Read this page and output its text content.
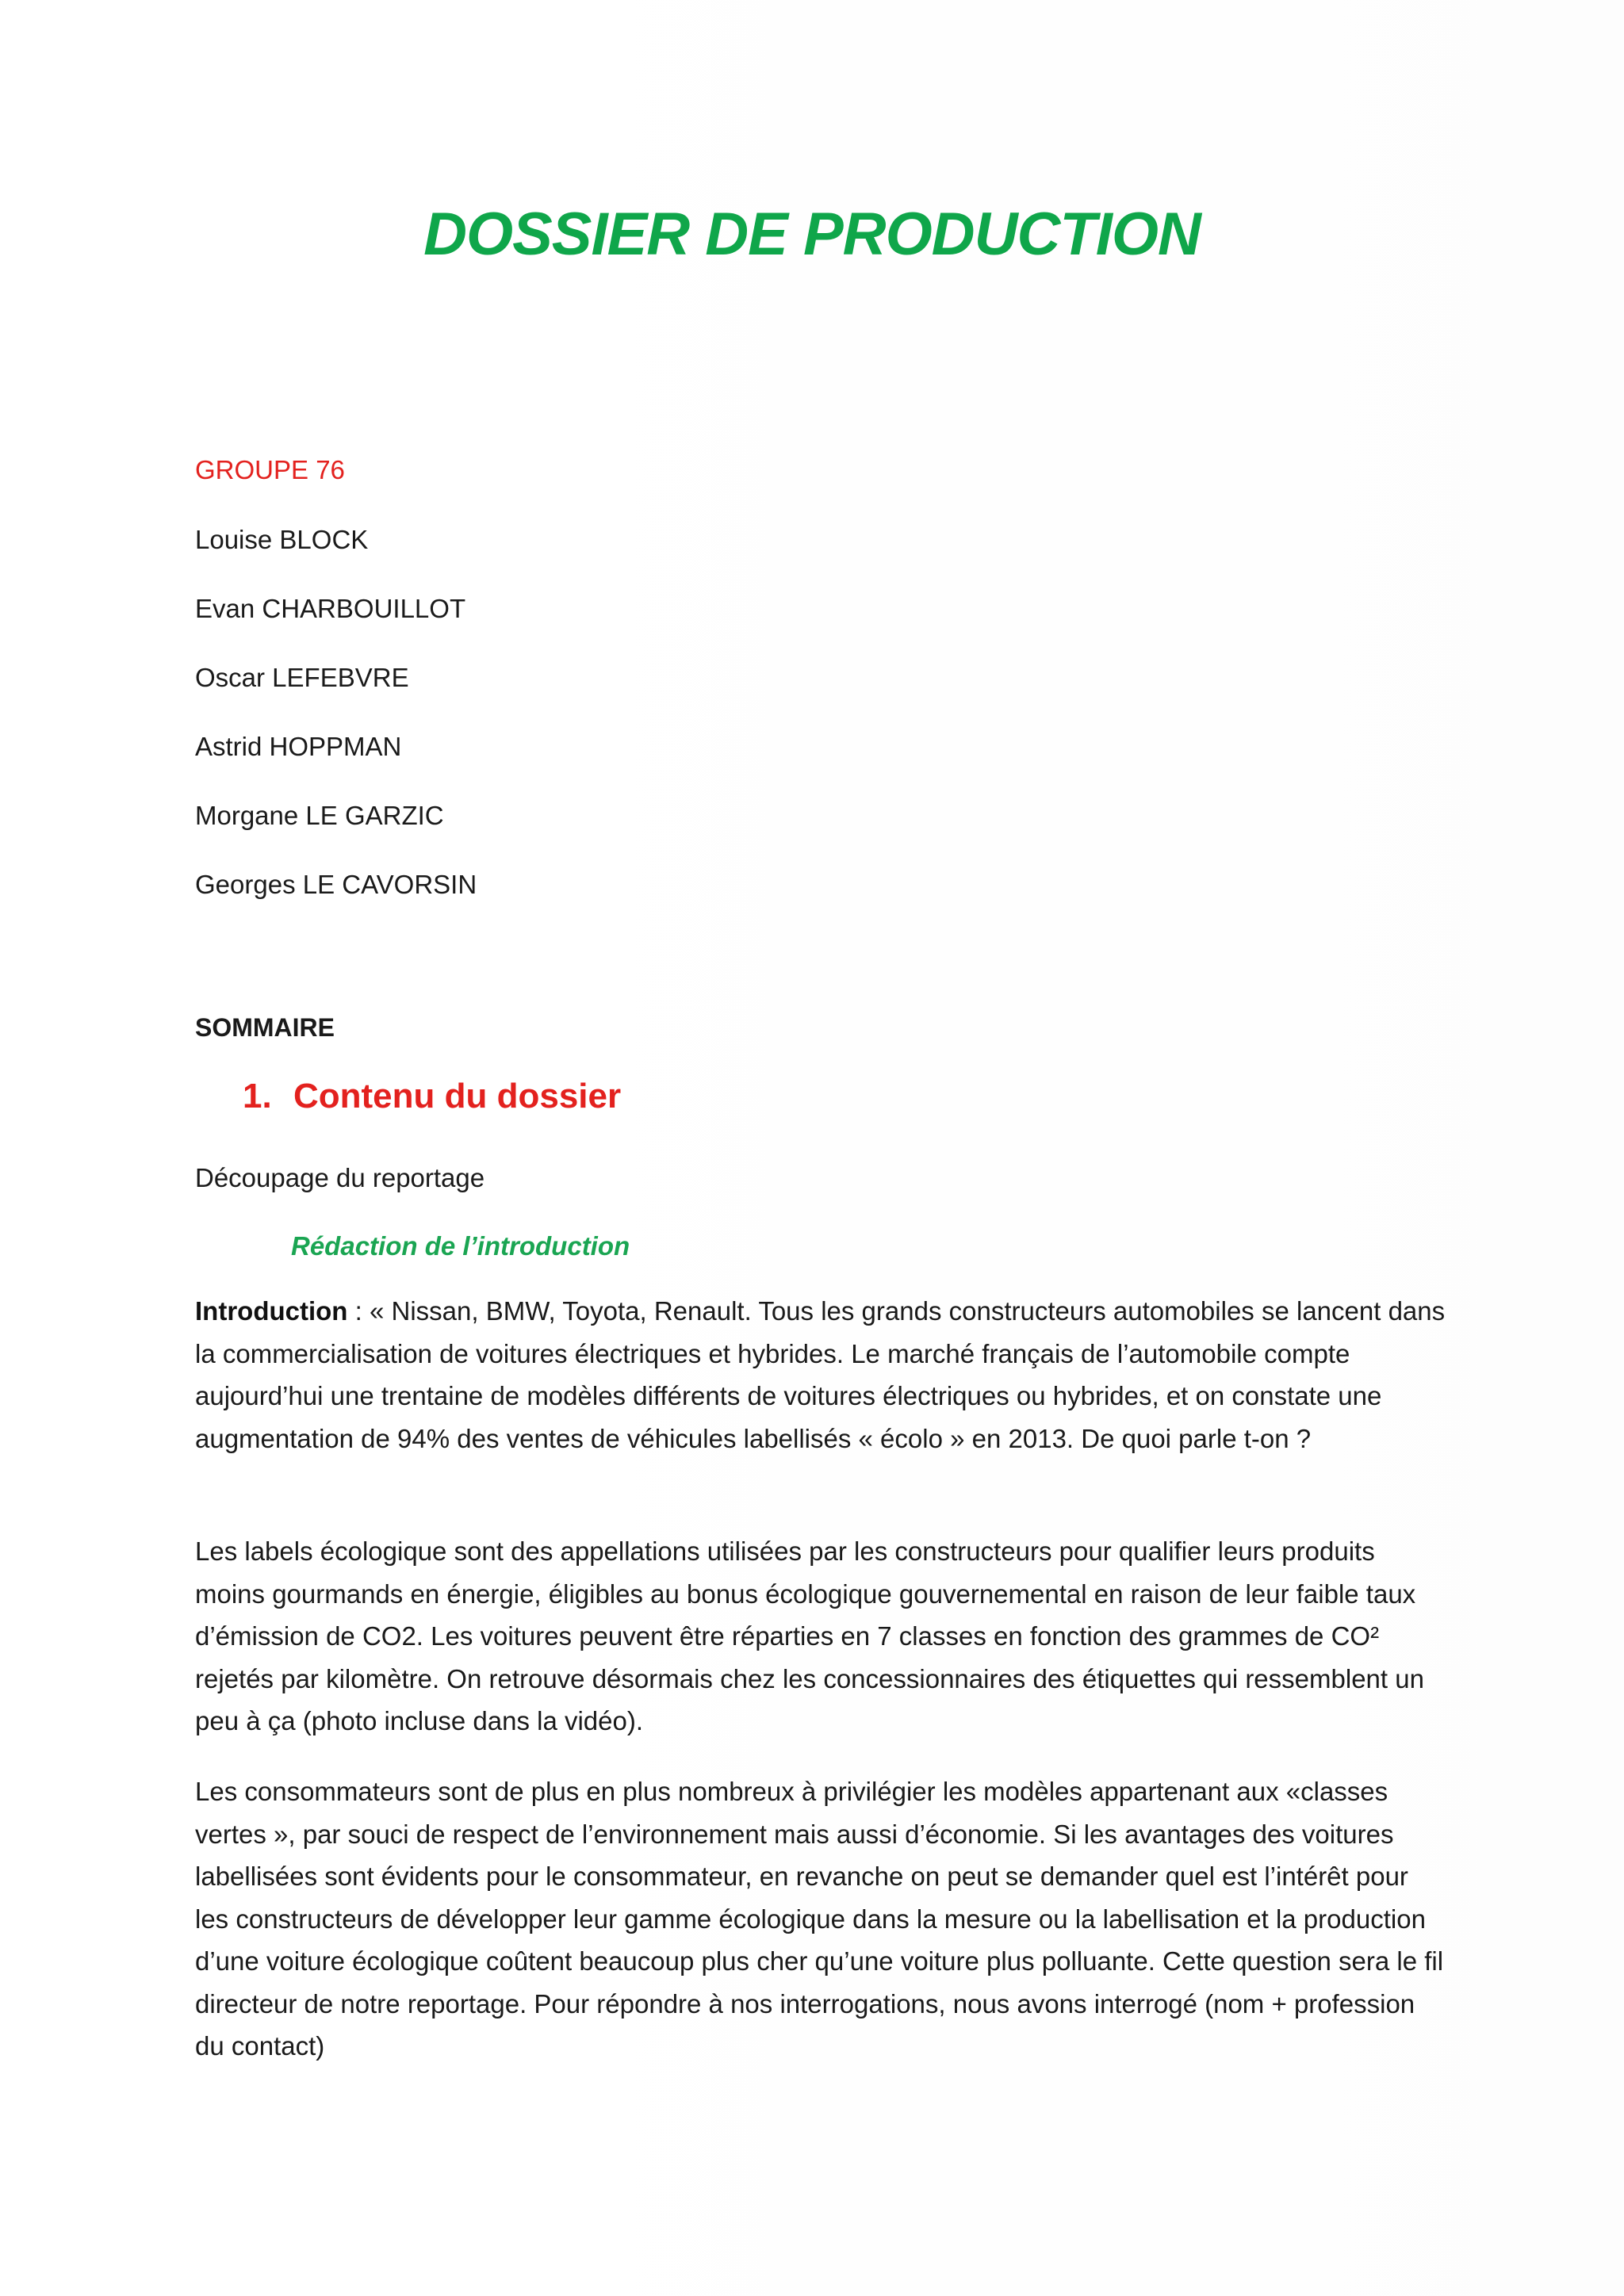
DOSSIER DE PRODUCTION

GROUPE 76

Louise BLOCK

Evan CHARBOUILLOT

Oscar LEFEBVRE

Astrid HOPPMAN

Morgane LE GARZIC

Georges LE CAVORSIN

SOMMAIRE

1. Contenu du dossier

Découpage du reportage

Rédaction de l’introduction

Introduction : « Nissan, BMW, Toyota, Renault. Tous les grands constructeurs automobiles se lancent dans la commercialisation de voitures électriques et hybrides. Le marché français de l’automobile compte aujourd’hui une trentaine de modèles différents de voitures électriques ou hybrides, et on constate une augmentation de 94% des ventes de véhicules labellisés « écolo » en 2013. De quoi parle t-on ?

Les labels écologique sont des appellations utilisées par les constructeurs pour qualifier leurs produits moins gourmands en énergie, éligibles au bonus écologique gouvernemental en raison de leur faible taux d’émission de CO2. Les voitures peuvent être réparties en 7 classes en fonction des grammes de CO² rejetés par kilomètre. On retrouve désormais chez les concessionnaires des étiquettes qui ressemblent un peu à ça (photo incluse dans la vidéo).

Les consommateurs sont de plus en plus nombreux à privilégier les modèles appartenant aux «classes vertes », par souci de respect de l’environnement mais aussi d’économie. Si les avantages des voitures labellisées sont évidents pour le consommateur, en revanche on peut se demander quel est l’intérêt pour les constructeurs de développer leur gamme écologique dans la mesure ou la labellisation et la production d’une voiture écologique coûtent beaucoup plus cher qu’une voiture plus polluante. Cette question sera le fil directeur de notre reportage. Pour répondre à nos interrogations, nous avons interrogé (nom + profession du contact)
